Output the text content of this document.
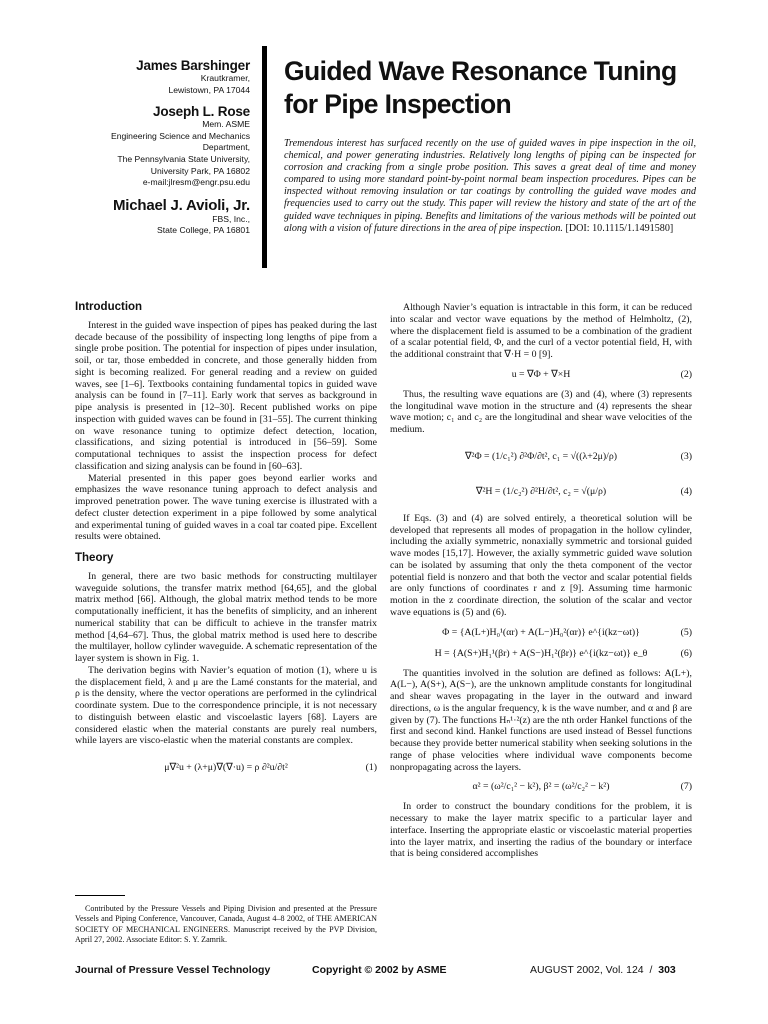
James Barshinger

Krautkramer,

Lewistown, PA 17044

Joseph L. Rose

Mem. ASME

Engineering Science and Mechanics

Department,

The Pennsylvania State University,

University Park, PA 16802

e-mail:jlresm@engr.psu.edu

Michael J. Avioli, Jr.

FBS, Inc.,

State College, PA 16801

Guided Wave Resonance Tuning
for Pipe Inspection

Tremendous interest has surfaced recently on the use of guided waves in pipe inspection in the oil, chemical, and power generating industries. Relatively long lengths of piping can be inspected for corrosion and cracking from a single probe position. This saves a great deal of time and money compared to using more standard point-by-point normal beam inspection procedures. Pipes can be inspected without removing insulation or tar coatings by controlling the guided wave modes and frequencies used to carry out the study. This paper will review the history and state of the art of the guided wave techniques in piping. Benefits and limitations of the various methods will be pointed out along with a vision of future directions in the area of pipe inspection. [DOI: 10.1115/1.1491580]

Introduction

Interest in the guided wave inspection of pipes has peaked during the last decade because of the possibility of inspecting long lengths of pipe from a single probe position. The potential for inspection of pipes under insulation, soil, or tar, those embedded in concrete, and those generally hidden from sight is becoming realized. For general reading and a review on guided waves, see [1–6]. Textbooks containing fundamental topics in guided wave analysis can be found in [7–11]. Early work that serves as background in pipe analysis is presented in [12–30]. Recent published works on pipe inspection with guided waves can be found in [31–55]. The current thinking on wave resonance tuning to optimize defect detection, location, classifications, and sizing potential is introduced in [56–59]. Some computational techniques to assist the inspection process for defect classification and sizing analysis can be found in [60–63].

Material presented in this paper goes beyond earlier works and emphasizes the wave resonance tuning approach to defect analysis and improved penetration power. The wave tuning exercise is illustrated with a defect cluster detection experiment in a pipe followed by some analytical and experimental tuning of guided waves in a coal tar coated pipe. Excellent results were obtained.

Theory

In general, there are two basic methods for constructing multilayer waveguide solutions, the transfer matrix method [64,65], and the global matrix method [66]. Although, the global matrix method tends to be more computationally inefficient, it has the benefits of simplicity, and an inherent numerical stability that can be difficult to achieve in the transfer matrix method [4,64–67]. Thus, the global matrix method is used here to describe the multilayer, hollow cylinder waveguide. A schematic representation of the layer system is shown in Fig. 1.

The derivation begins with Navier’s equation of motion (1), where u is the displacement field, λ and μ are the Lamé constants for the material, and ρ is the density, where the vector operations are performed in the cylindrical coordinate system. Due to the correspondence principle, it is not necessary to distinguish between elastic and viscoelastic layers [68]. Layers are considered elastic when the material constants are purely real numbers, while layers are visco-elastic when the material constants are complex.

μ∇²u + (λ+μ)∇(∇·u) = ρ ∂²u/∂t²	(1)

Contributed by the Pressure Vessels and Piping Division and presented at the Pressure Vessels and Piping Conference, Vancouver, Canada, August 4–8 2002, of THE AMERICAN SOCIETY OF MECHANICAL ENGINEERS. Manuscript received by the PVP Division, April 27, 2002. Associate Editor: S. Y. Zamrik.

Although Navier’s equation is intractable in this form, it can be reduced into scalar and vector wave equations by the method of Helmholtz, (2), where the displacement field is assumed to be a combination of the gradient of a scalar potential field, Φ, and the curl of a vector potential field, H, with the additional constraint that ∇·H = 0 [9].

u = ∇Φ + ∇×H	(2)

Thus, the resulting wave equations are (3) and (4), where (3) represents the longitudinal wave motion in the structure and (4) represents the shear wave motion; c₁ and c₂ are the longitudinal and shear wave velocities of the medium.

∇²Φ = (1/c₁²) ∂²Φ/∂t², c₁ = √((λ+2μ)/ρ)	(3)
∇²H = (1/c₂²) ∂²H/∂t², c₂ = √(μ/ρ)	(4)

If Eqs. (3) and (4) are solved entirely, a theoretical solution will be developed that represents all modes of propagation in the hollow cylinder, including the axially symmetric, nonaxially symmetric and torsional guided wave modes [15,17]. However, the axially symmetric guided wave solution can be isolated by assuming that only the theta component of the vector potential field is nonzero and that both the vector and scalar potential fields are only functions of coordinates r and z [9]. Assuming time harmonic motion in the z coordinate direction, the solution of the scalar and vector wave equations is (5) and (6).

Φ = {A(L+)H₀¹(αr) + A(L−)H₀²(αr)} e^{i(kz−ωt)}	(5)
H = {A(S+)H₁¹(βr) + A(S−)H₁²(βr)} e^{i(kz−ωt)} e_θ	(6)

The quantities involved in the solution are defined as follows: A(L+), A(L−), A(S+), A(S−), are the unknown amplitude constants for longitudinal and shear waves propagating in the layer in the outward and inward directions, ω is the angular frequency, k is the wave number, and α and β are given by (7). The functions Hₙ¹·²(z) are the nth order Hankel functions of the first and second kind. Hankel functions are used instead of Bessel functions because they provide better numerical stability when seeking solutions in the range of phase velocities where individual wave components become nonpropagating across the layers.

α² = (ω²/c₁² − k²), β² = (ω²/c₂² − k²)	(7)

In order to construct the boundary conditions for the problem, it is necessary to make the layer matrix specific to a particular layer and interface. Inserting the appropriate elastic or viscoelastic material properties into the layer matrix, and inserting the radius of the boundary or interface that is being considered accomplishes

Journal of Pressure Vessel Technology	Copyright © 2002 by ASME	AUGUST 2002, Vol. 124 / 303
